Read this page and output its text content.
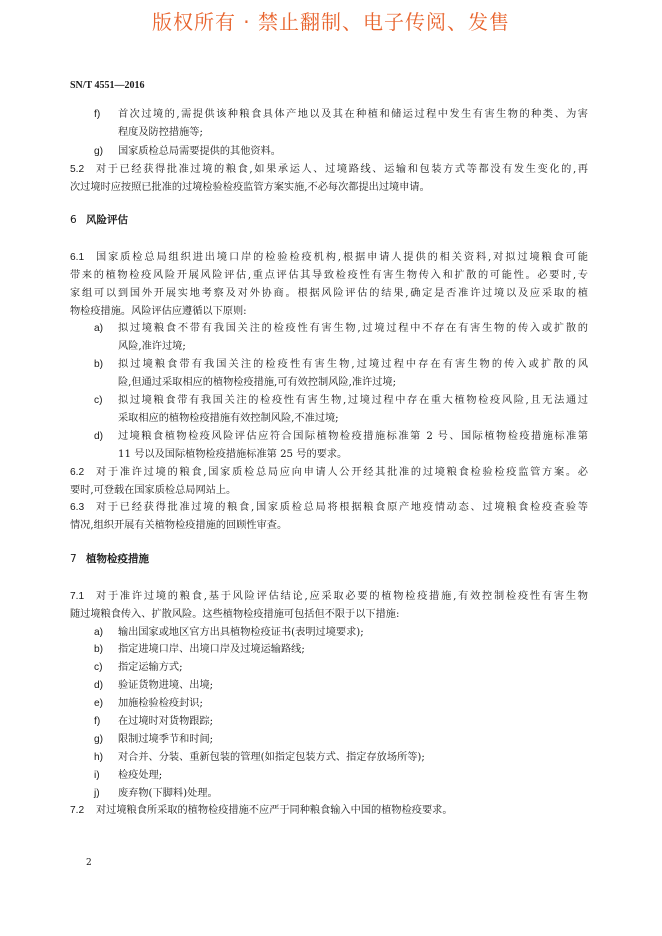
版权所有 · 禁止翻制、电子传阅、发售
SN/T 4551—2016
f) 首次过境的,需提供该种粮食具体产地以及其在种植和储运过程中发生有害生物的种类、为害
程度及防控措施等;
g) 国家质检总局需要提供的其他资料。
5.2 对于已经获得批准过境的粮食,如果承运人、过境路线、运输和包装方式等都没有发生变化的,再
次过境时应按照已批准的过境检验检疫监管方案实施,不必每次都提出过境申请。
6 风险评估
6.1 国家质检总局组织进出境口岸的检验检疫机构,根据申请人提供的相关资料,对拟过境粮食可能
带来的植物检疫风险开展风险评估,重点评估其导致检疫性有害生物传入和扩散的可能性。必要时,专
家组可以到国外开展实地考察及对外协商。根据风险评估的结果,确定是否准许过境以及应采取的植
物检疫措施。风险评估应遵循以下原则:
a) 拟过境粮食不带有我国关注的检疫性有害生物,过境过程中不存在有害生物的传入或扩散的
风险,准许过境;
b) 拟过境粮食带有我国关注的检疫性有害生物,过境过程中存在有害生物的传入或扩散的风
险,但通过采取相应的植物检疫措施,可有效控制风险,准许过境;
c) 拟过境粮食带有我国关注的检疫性有害生物,过境过程中存在重大植物检疫风险,且无法通过
采取相应的植物检疫措施有效控制风险,不准过境;
d) 过境粮食植物检疫风险评估应符合国际植物检疫措施标准第 2 号、国际植物检疫措施标准第
11 号以及国际植物检疫措施标准第 25 号的要求。
6.2 对于准许过境的粮食,国家质检总局应向申请人公开经其批准的过境粮食检验检疫监管方案。必
要时,可登载在国家质检总局网站上。
6.3 对于已经获得批准过境的粮食,国家质检总局将根据粮食原产地疫情动态、过境粮食检疫查验等
情况,组织开展有关植物检疫措施的回顾性审查。
7 植物检疫措施
7.1 对于准许过境的粮食,基于风险评估结论,应采取必要的植物检疫措施,有效控制检疫性有害生物
随过境粮食传入、扩散风险。这些植物检疫措施可包括但不限于以下措施:
a) 输出国家或地区官方出具植物检疫证书(表明过境要求);
b) 指定进境口岸、出境口岸及过境运输路线;
c) 指定运输方式;
d) 验证货物进境、出境;
e) 加施检验检疫封识;
f) 在过境时对货物跟踪;
g) 限制过境季节和时间;
h) 对合并、分装、重新包装的管理(如指定包装方式、指定存放场所等);
i) 检疫处理;
j) 废弃物(下脚料)处理。
7.2 对过境粮食所采取的植物检疫措施不应严于同种粮食输入中国的植物检疫要求。
2
